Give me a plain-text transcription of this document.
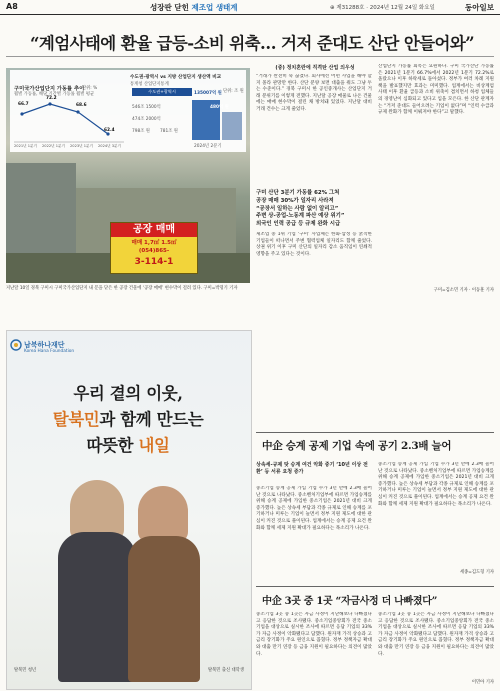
A8	성장판 닫힌 제조업 생태계	⊕ 제31288호 · 2024년 12월 24일 화요일	동아일보
“계엄사태에 환율 급등-소비 위축… 거저 준대도 산단 안들어와”
구미국가산업단지 가동률 추이
단위: %
월별 가동률, 해당 기간별 가동률 월별 평균
66.7
72.2
68.6
62.4
2021년 1분기 2022년 1분기 2023년 1분기 2024년 3분기
수도권-광역시 vs 지방 산업단지 생산액 비교
통계청 산업단지통계
수도권+광역시	135007억 원
480억 원
546조 1500억
474조 2000억
798조 원 781조 원
2024년 2분기
단위: 조 원
공장 매매
매매 1,7㎡ 1.5㎡
(054)865-
3-114-1
지난달 10일 경북 구미시 구미국가산업단지 내 문을 닫은 한 공장 건물에 ‘공장 매매’ 현수막이 걸려 있다. 구미=박형기 기자
(중) 정치혼란에 직격탄 산업 의우성
“거래가 완전히 뚝 끊겼다. 회사에선 어떤 사업을 해야 할지 몰라 관망만 한다. 산단 분양 보면 대출을 줘도 그냥 두는 수준이다.” 경북 구미시 한 공인중개사는 산업단지 거래 분위기를 이렇게 전했다. 지난달 공장 매물로 나온 건물에는 매매 현수막이 걸린 채 방치돼 있었다. 지난달 대비 거래 건수는 크게 줄었다.
구미 산단 3분기 가동률 62% 그쳐
공장 매매 30%가 일자리 사라져
“공장서 일하는 사람 없이 알리고”
주변 상-공업-노동계 파산 예상 위기”
외국인 인력 공급 등 규제 완화 시급
제조업 중 1위 기업 ‘구미’ 사업체는 한화·삼성 등 굵직한 기업들이 떠나면서 주변 협력업체 일자리도 함께 줄었다. 상권 위기 이후 구미 산단의 일자리 감소 움직임이 연쇄적 영향을 주고 있다는 것이다.
산업단지 가동률 회복은 요원하다. 구미 국가산단 가동률은 2021년 1분기 66.7%에서 2022년 1분기 72.2%로 올랐으나 이후 하락세로 돌아섰다. 정부가 여러 차례 지원책을 발표했지만 효과는 미미했다. 업계에서는 비상계엄 사태 이후 환율 급등과 소비 위축이 겹치면서 하청 업체들의 경영난이 심화되고 있다고 입을 모은다. 한 산단 관계자는 “거저 준대도 들어오려는 기업이 없다”며 “인력 수급과 규제 완화가 함께 이뤄져야 한다”고 말했다.
구미=김소민 기자 · 이동훈 기자
남북하나재단
Korea Hana Foundation
우리 곁의 이웃,
탈북민과 함께 만드는
따뜻한 내일
탈북민 청년	탈북민 출신 대학생
中企 승계 공제 기업 속에 공기 2.3배 늘어
상속세-규제 탓 승계 여건 악화 중기 ‘10년 이상 전환’ 등 서류 요청 증가
중소기업 승계 공제 가입 기업 수가 3년 만에 2.3배 늘어난 것으로 나타났다. 중소벤처기업부에 따르면 가업승계를 위해 승계 공제에 가입한 중소기업은 2021년 대비 크게 증가했다. 높은 상속세 부담과 각종 규제로 인해 승계를 포기하거나 미루는 기업이 늘면서 정부 지원 제도에 대한 관심이 커진 것으로 풀이된다. 업계에서는 승계 공제 요건 완화와 함께 세제 지원 확대가 필요하다는 목소리가 나온다.
중소기업 승계 공제 가입 기업 수가 3년 만에 2.3배 늘어난 것으로 나타났다. 중소벤처기업부에 따르면 가업승계를 위해 승계 공제에 가입한 중소기업은 2021년 대비 크게 증가했다. 높은 상속세 부담과 각종 규제로 인해 승계를 포기하거나 미루는 기업이 늘면서 정부 지원 제도에 대한 관심이 커진 것으로 풀이된다. 업계에서는 승계 공제 요건 완화와 함께 세제 지원 확대가 필요하다는 목소리가 나온다.
세종=김도형 기자
中企 3곳 중 1곳 “자금사정 더 나빠졌다”
중소기업 3곳 중 1곳은 자금 사정이 지난해보다 나빠졌다고 응답한 것으로 조사됐다. 중소기업중앙회가 전국 중소기업을 대상으로 실시한 조사에 따르면 응답 기업의 33%가 자금 사정이 악화됐다고 답했다. 원자재 가격 상승과 고금리 장기화가 주요 원인으로 꼽혔다. 정부 정책자금 확대와 대출 만기 연장 등 금융 지원이 필요하다는 의견이 많았다.
중소기업 3곳 중 1곳은 자금 사정이 지난해보다 나빠졌다고 응답한 것으로 조사됐다. 중소기업중앙회가 전국 중소기업을 대상으로 실시한 조사에 따르면 응답 기업의 33%가 자금 사정이 악화됐다고 답했다. 원자재 가격 상승과 고금리 장기화가 주요 원인으로 꼽혔다. 정부 정책자금 확대와 대출 만기 연장 등 금융 지원이 필요하다는 의견이 많았다.
이민아 기자
